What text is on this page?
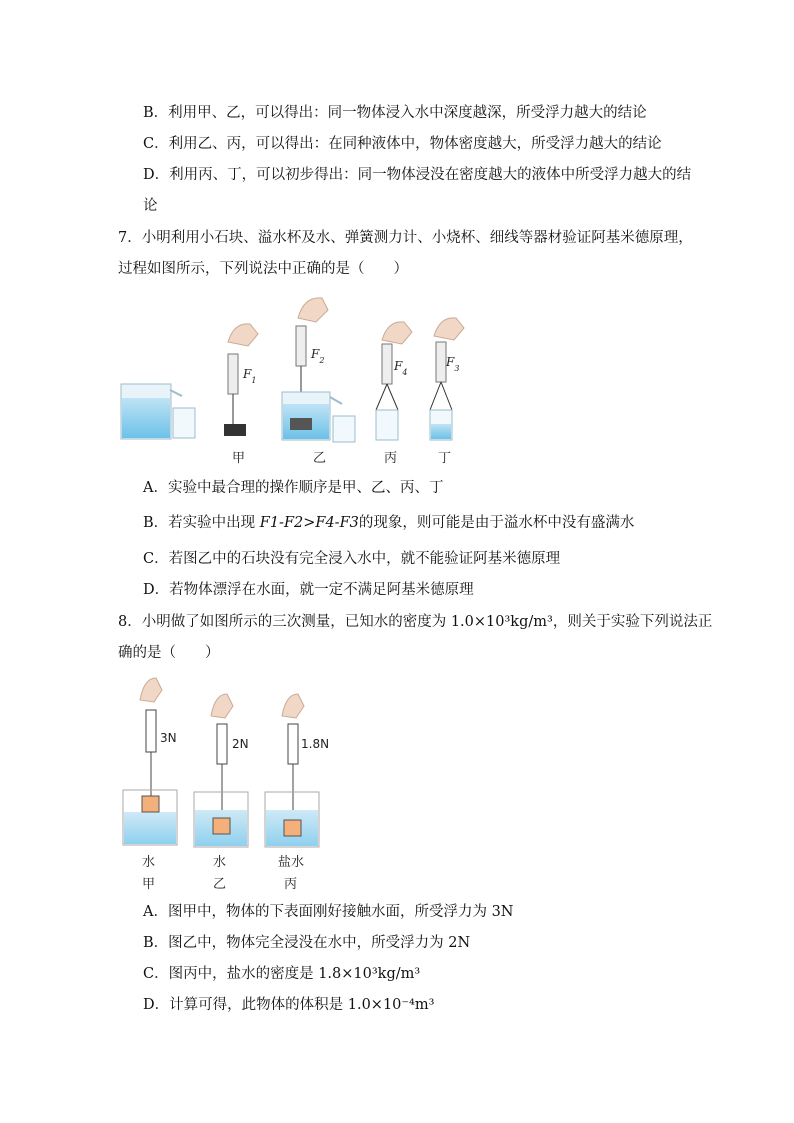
B．利用甲、乙，可以得出：同一物体浸入水中深度越深，所受浮力越大的结论
C．利用乙、丙，可以得出：在同种液体中，物体密度越大，所受浮力越大的结论
D．利用丙、丁，可以初步得出：同一物体浸没在密度越大的液体中所受浮力越大的结
论
7．小明利用小石块、溢水杯及水、弹簧测力计、小烧杯、细线等器材验证阿基米德原理，
过程如图所示，下列说法中正确的是（　　）
$F_1$
$F_2$	$F_4$
$F_3$
甲	乙	丙	丁
A．实验中最合理的操作顺序是甲、乙、丙、丁
B．若实验中出现 F1-F2>F4-F3的现象，则可能是由于溢水杯中没有盛满水
C．若图乙中的石块没有完全浸入水中，就不能验证阿基米德原理
D．若物体漂浮在水面，就一定不满足阿基米德原理
8．小明做了如图所示的三次测量，已知水的密度为 1.0×10³kg/m³，则关于实验下列说法正
确的是（　　）
3N	2N	1.8N
水	水	盐水
甲	乙	丙
A．图甲中，物体的下表面刚好接触水面，所受浮力为 3N
B．图乙中，物体完全浸没在水中，所受浮力为 2N
C．图丙中，盐水的密度是 1.8×10³kg/m³
D．计算可得，此物体的体积是 1.0×10⁻⁴m³
